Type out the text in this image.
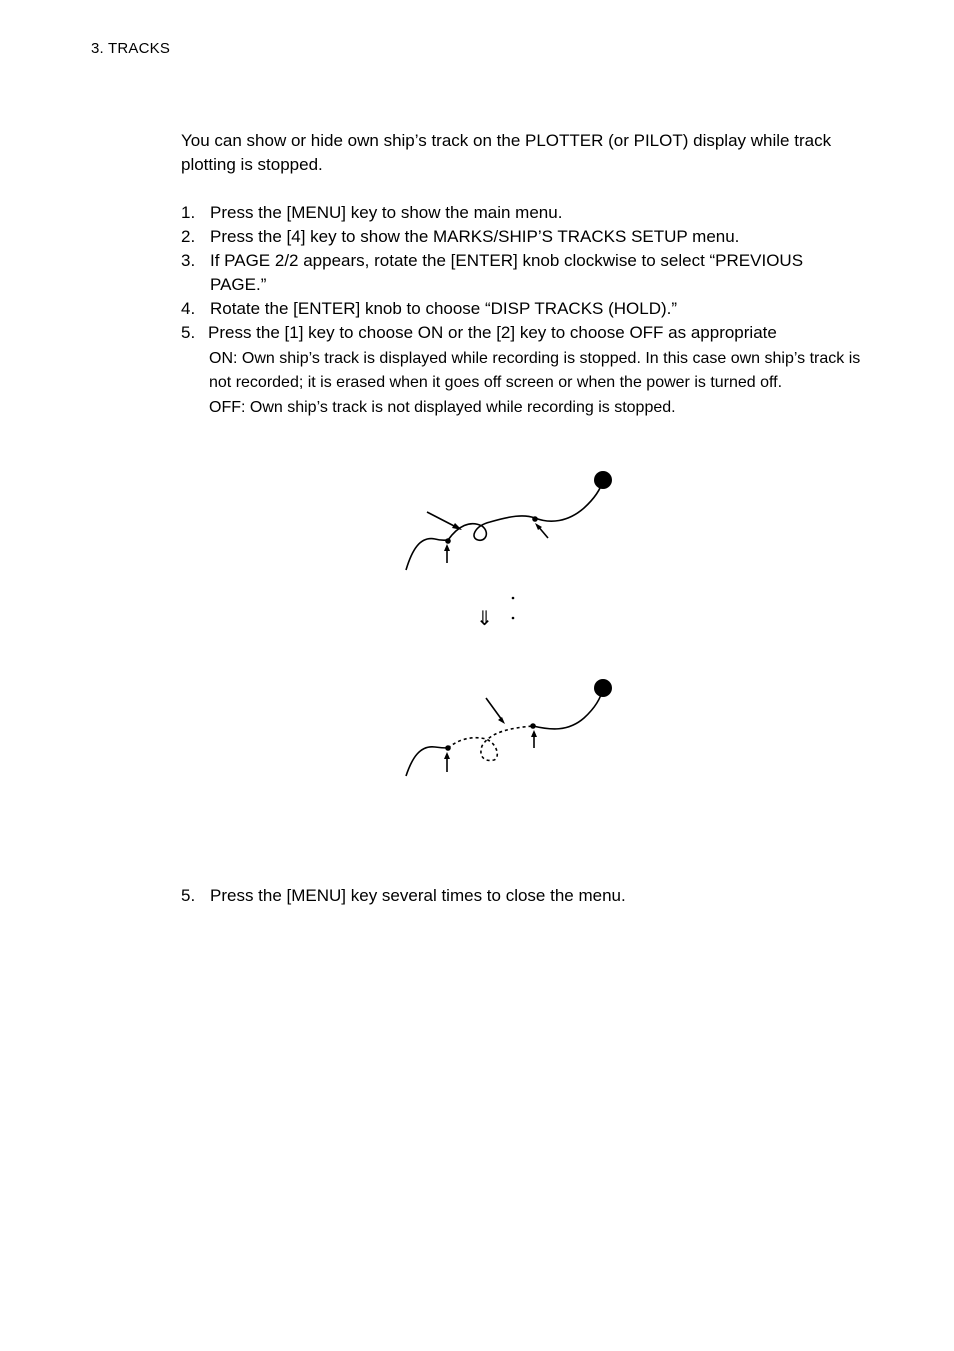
3. TRACKS
You can show or hide own ship’s track on the PLOTTER (or PILOT) display while track plotting is stopped.
1. Press the [MENU] key to show the main menu.
2. Press the [4] key to show the MARKS/SHIP’S TRACKS SETUP menu.
3. If PAGE 2/2 appears, rotate the [ENTER] knob clockwise to select “PREVIOUS PAGE.”
4. Rotate the [ENTER] knob to choose “DISP TRACKS (HOLD).”
5. Press the [1] key to choose ON or the [2] key to choose OFF as appropriate
ON: Own ship’s track is displayed while recording is stopped. In this case own ship’s track is not recorded; it is erased when it goes off screen or when the power is turned off.
OFF: Own ship’s track is not displayed while recording is stopped.
⇓
5. Press the [MENU] key several times to close the menu.
